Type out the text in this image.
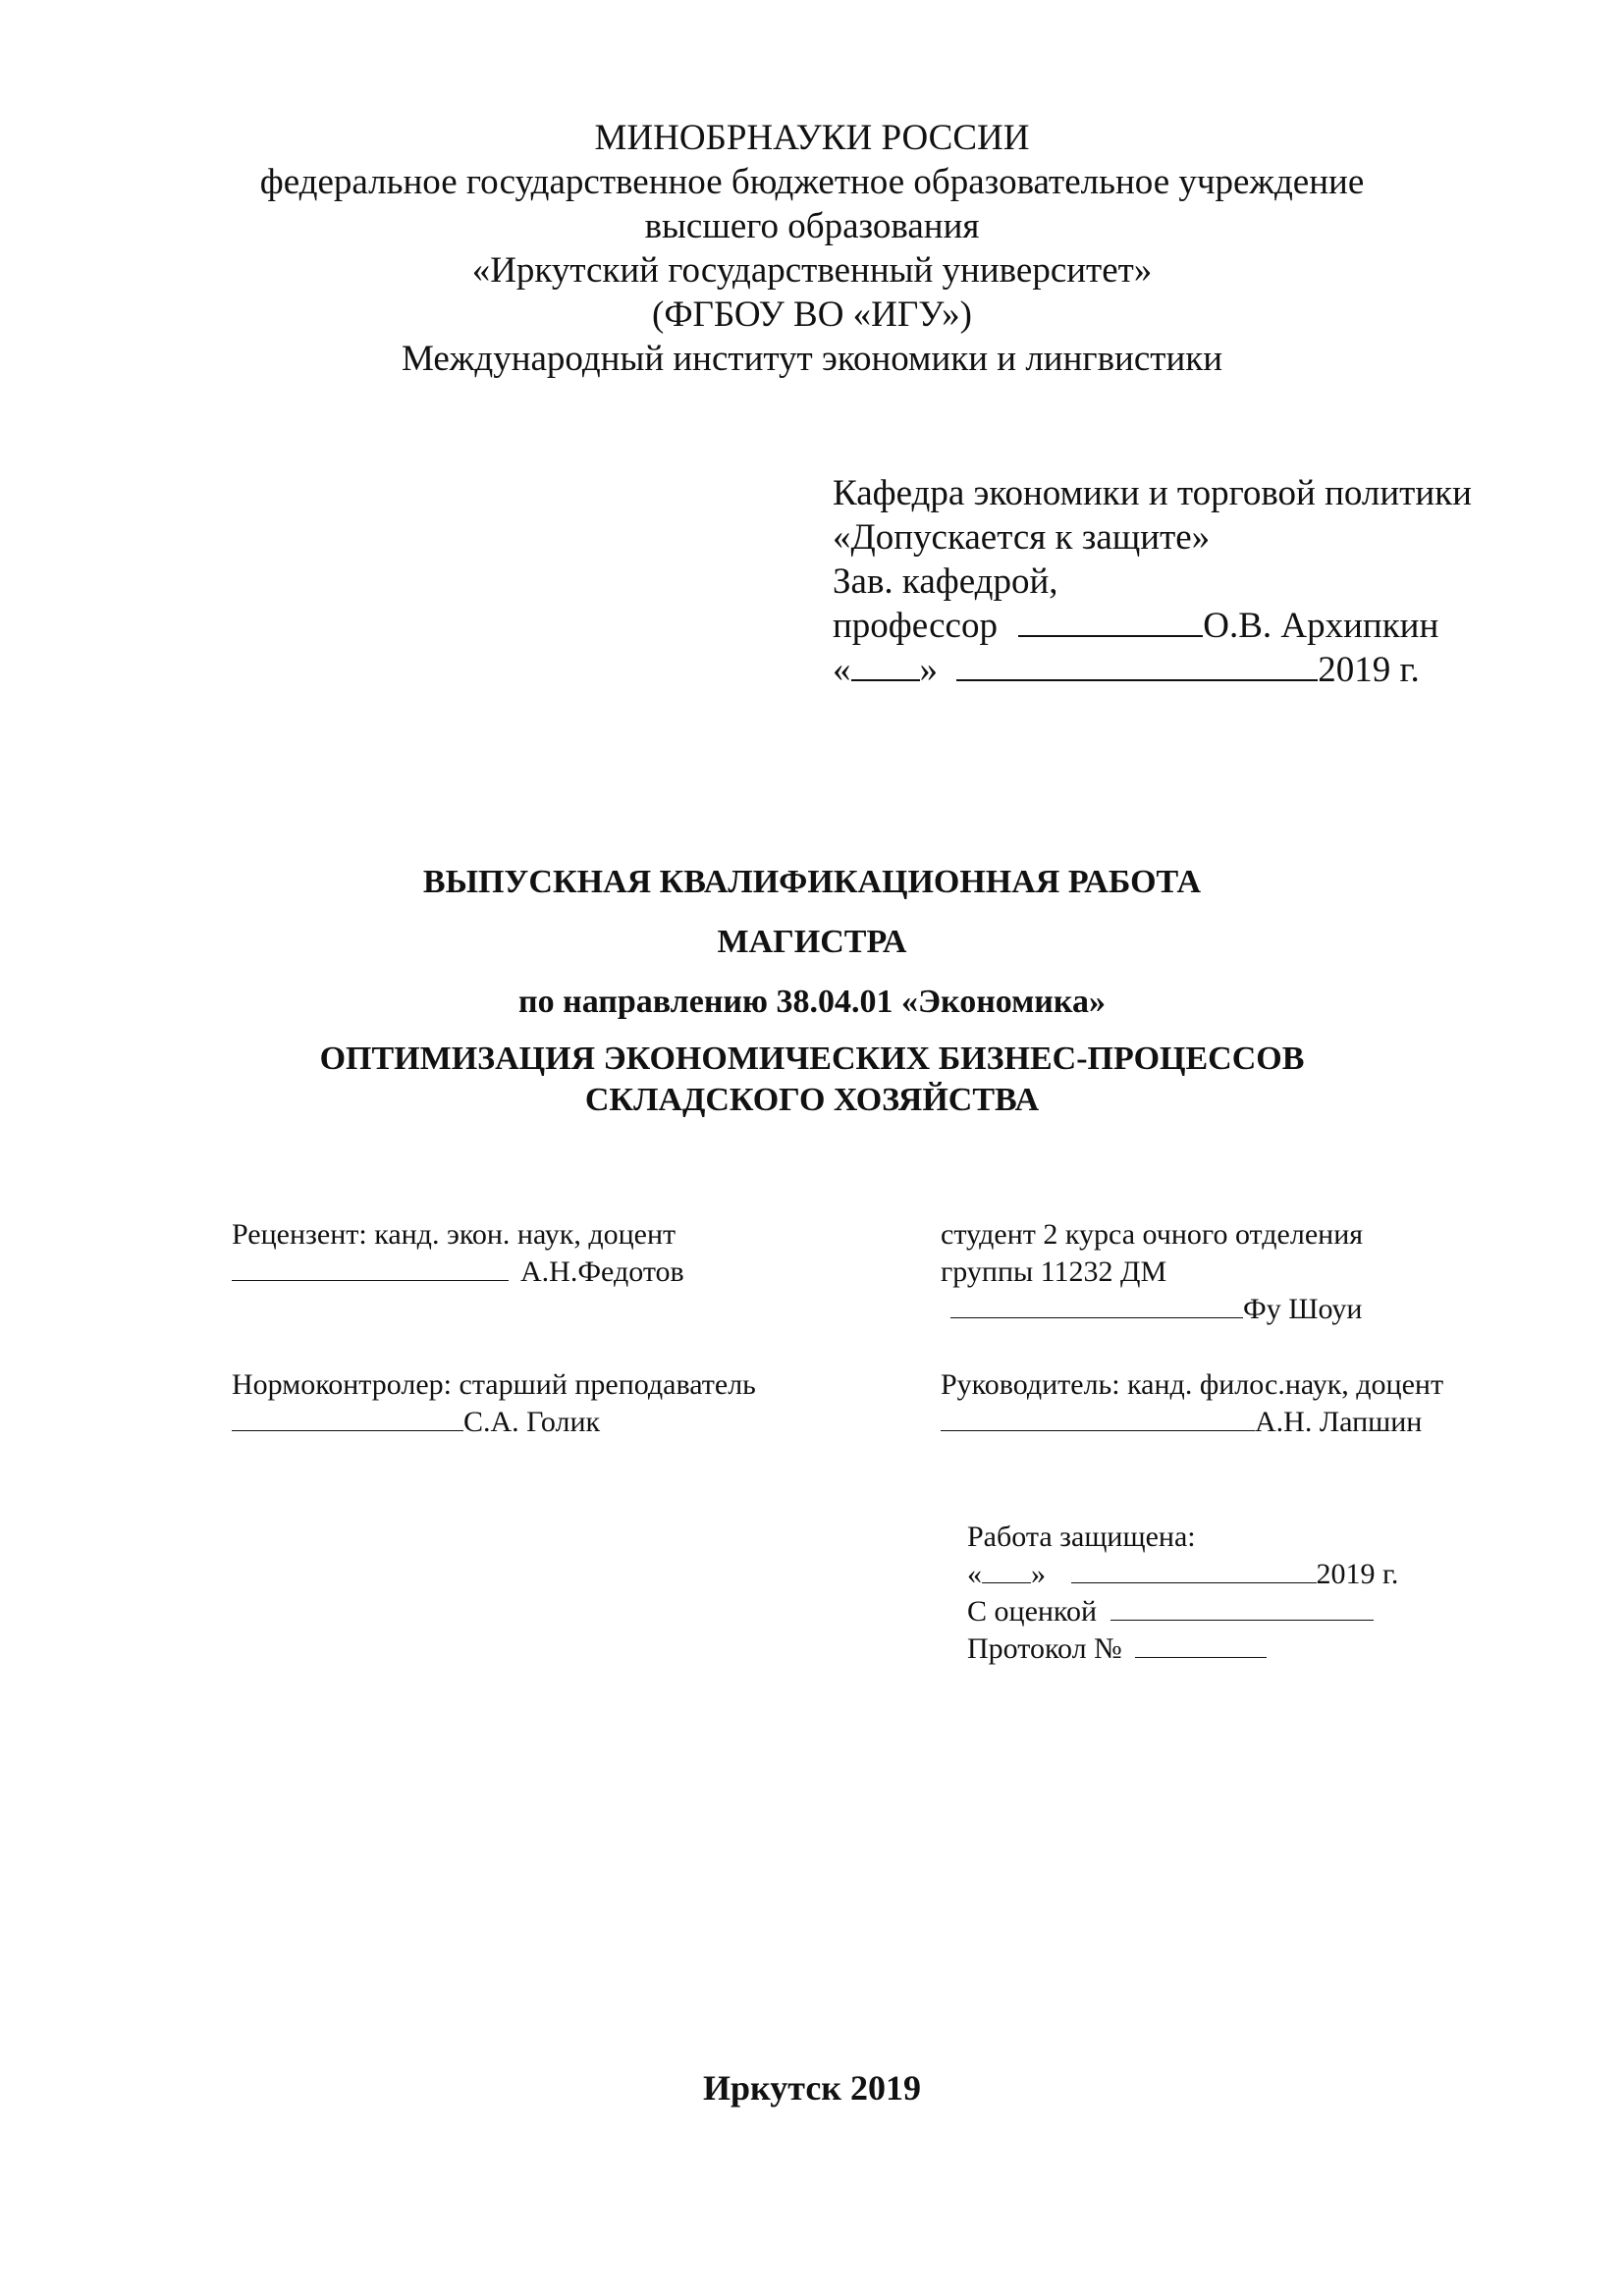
МИНОБРНАУКИ РОССИИ
федеральное государственное бюджетное образовательное учреждение
высшего образования
«Иркутский государственный университет»
(ФГБОУ ВО «ИГУ»)
Международный институт экономики и лингвистики
Кафедра экономики и торговой политики
«Допускается к защите»
Зав. кафедрой,
профессор	О.В. Архипкин
« »	2019 г.
ВЫПУСКНАЯ КВАЛИФИКАЦИОННАЯ РАБОТА
МАГИСТРА
по направлению 38.04.01 «Экономика»
ОПТИМИЗАЦИЯ ЭКОНОМИЧЕСКИХ БИЗНЕС-ПРОЦЕССОВ
СКЛАДСКОГО ХОЗЯЙСТВА
Рецензент: канд. экон. наук, доцент
А.Н.Федотов
студент 2 курса очного отделения
группы 11232 ДМ
Фу Шоуи
Нормоконтролер: старший преподаватель
С.А. Голик
Руководитель: канд. филос.наук, доцент
А.Н. Лапшин
Работа защищена:
« »	2019 г.
С оценкой
Протокол №
Иркутск 2019
